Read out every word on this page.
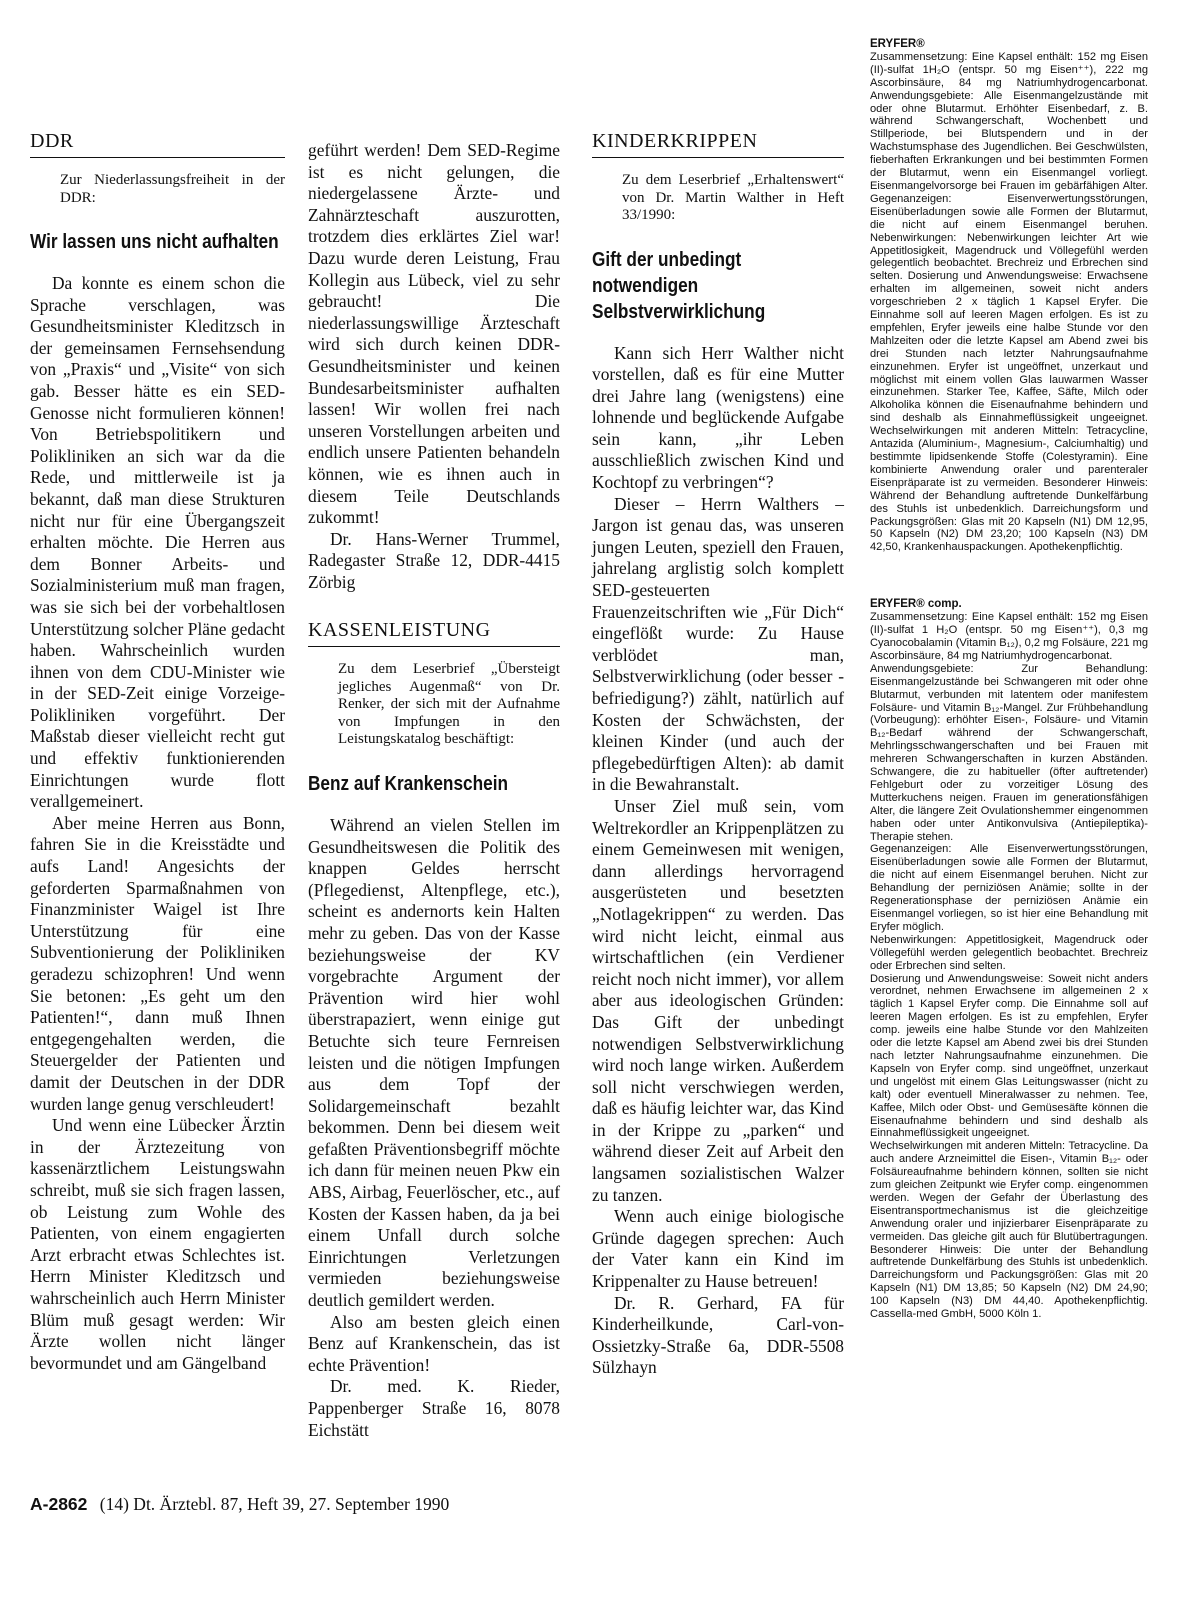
DDR
Zur Niederlassungsfreiheit in der DDR:
Wir lassen uns nicht aufhalten

Da konnte es einem schon die Sprache verschlagen, was Gesundheitsminister Kleditzsch in der gemeinsamen Fernsehsendung von „Praxis“ und „Visite“ von sich gab. Besser hätte es ein SED-Genosse nicht formulieren können! Von Betriebspolitikern und Polikliniken an sich war da die Rede, und mittlerweile ist ja bekannt, daß man diese Strukturen nicht nur für eine Übergangszeit erhalten möchte. Die Herren aus dem Bonner Arbeits- und Sozialministerium muß man fragen, was sie sich bei der vorbehaltlosen Unterstützung solcher Pläne gedacht haben. Wahrscheinlich wurden ihnen von dem CDU-Minister wie in der SED-Zeit einige Vorzeige-Polikliniken vorgeführt. Der Maßstab dieser vielleicht recht gut und effektiv funktionierenden Einrichtungen wurde flott verallgemeinert.

Aber meine Herren aus Bonn, fahren Sie in die Kreisstädte und aufs Land! Angesichts der geforderten Sparmaßnahmen von Finanzminister Waigel ist Ihre Unterstützung für eine Subventionierung der Polikliniken geradezu schizophren! Und wenn Sie betonen: „Es geht um den Patienten!“, dann muß Ihnen entgegengehalten werden, die Steuergelder der Patienten und damit der Deutschen in der DDR wurden lange genug verschleudert!

Und wenn eine Lübecker Ärztin in der Ärztezeitung von kassenärztlichem Leistungswahn schreibt, muß sie sich fragen lassen, ob Leistung zum Wohle des Patienten, von einem engagierten Arzt erbracht etwas Schlechtes ist. Herrn Minister Kleditzsch und wahrscheinlich auch Herrn Minister Blüm muß gesagt werden: Wir Ärzte wollen nicht länger bevormundet und am Gängelband

geführt werden! Dem SED-Regime ist es nicht gelungen, die niedergelassene Ärzte- und Zahnärzteschaft auszurotten, trotzdem dies erklärtes Ziel war! Dazu wurde deren Leistung, Frau Kollegin aus Lübeck, viel zu sehr gebraucht! Die niederlassungswillige Ärzteschaft wird sich durch keinen DDR-Gesundheitsminister und keinen Bundesarbeitsminister aufhalten lassen! Wir wollen frei nach unseren Vorstellungen arbeiten und endlich unsere Patienten behandeln können, wie es ihnen auch in diesem Teile Deutschlands zukommt!

Dr. Hans-Werner Trummel, Radegaster Straße 12, DDR-4415 Zörbig

KASSENLEISTUNG
Zu dem Leserbrief „Übersteigt jegliches Augenmaß“ von Dr. Renker, der sich mit der Aufnahme von Impfungen in den Leistungskatalog beschäftigt:
Benz auf Krankenschein

Während an vielen Stellen im Gesundheitswesen die Politik des knappen Geldes herrscht (Pflegedienst, Altenpflege, etc.), scheint es andernorts kein Halten mehr zu geben. Das von der Kasse beziehungsweise der KV vorgebrachte Argument der Prävention wird hier wohl überstrapaziert, wenn einige gut Betuchte sich teure Fernreisen leisten und die nötigen Impfungen aus dem Topf der Solidargemeinschaft bezahlt bekommen. Denn bei diesem weit gefaßten Präventionsbegriff möchte ich dann für meinen neuen Pkw ein ABS, Airbag, Feuerlöscher, etc., auf Kosten der Kassen haben, da ja bei einem Unfall durch solche Einrichtungen Verletzungen vermieden beziehungsweise deutlich gemildert werden.

Also am besten gleich einen Benz auf Krankenschein, das ist echte Prävention!

Dr. med. K. Rieder, Pappenberger Straße 16, 8078 Eichstätt

KINDERKRIPPEN
Zu dem Leserbrief „Erhaltenswert“ von Dr. Martin Walther in Heft 33/1990:
Gift der unbedingt notwendigen Selbstverwirklichung

Kann sich Herr Walther nicht vorstellen, daß es für eine Mutter drei Jahre lang (wenigstens) eine lohnende und beglückende Aufgabe sein kann, „ihr Leben ausschließlich zwischen Kind und Kochtopf zu verbringen“?

Dieser – Herrn Walthers – Jargon ist genau das, was unseren jungen Leuten, speziell den Frauen, jahrelang arglistig solch komplett SED-gesteuerten Frauenzeitschriften wie „Für Dich“ eingeflößt wurde: Zu Hause verblödet man, Selbstverwirklichung (oder besser -befriedigung?) zählt, natürlich auf Kosten der Schwächsten, der kleinen Kinder (und auch der pflegebedürftigen Alten): ab damit in die Bewahranstalt.

Unser Ziel muß sein, vom Weltrekordler an Krippenplätzen zu einem Gemeinwesen mit wenigen, dann allerdings hervorragend ausgerüsteten und besetzten „Notlagekrippen“ zu werden. Das wird nicht leicht, einmal aus wirtschaftlichen (ein Verdiener reicht noch nicht immer), vor allem aber aus ideologischen Gründen: Das Gift der unbedingt notwendigen Selbstverwirklichung wird noch lange wirken. Außerdem soll nicht verschwiegen werden, daß es häufig leichter war, das Kind in der Krippe zu „parken“ und während dieser Zeit auf Arbeit den langsamen sozialistischen Walzer zu tanzen.

Wenn auch einige biologische Gründe dagegen sprechen: Auch der Vater kann ein Kind im Krippenalter zu Hause betreuen!

Dr. R. Gerhard, FA für Kinderheilkunde, Carl-von-Ossietzky-Straße 6a, DDR-5508 Sülzhayn

ERYFER®

Zusammensetzung: Eine Kapsel enthält: 152 mg Eisen (II)-sulfat 1H₂O (entspr. 50 mg Eisen⁺⁺), 222 mg Ascorbinsäure, 84 mg Natriumhydrogencarbonat. Anwendungsgebiete: Alle Eisenmangelzustände mit oder ohne Blutarmut. Erhöhter Eisenbedarf, z. B. während Schwangerschaft, Wochenbett und Stillperiode, bei Blutspendern und in der Wachstumsphase des Jugendlichen. Bei Geschwülsten, fieberhaften Erkrankungen und bei bestimmten Formen der Blutarmut, wenn ein Eisenmangel vorliegt. Eisenmangelvorsorge bei Frauen im gebärfähigen Alter. Gegenanzeigen: Eisenverwertungsstörungen, Eisenüberladungen sowie alle Formen der Blutarmut, die nicht auf einem Eisenmangel beruhen. Nebenwirkungen: Nebenwirkungen leichter Art wie Appetitlosigkeit, Magendruck und Völlegefühl werden gelegentlich beobachtet. Brechreiz und Erbrechen sind selten. Dosierung und Anwendungsweise: Erwachsene erhalten im allgemeinen, soweit nicht anders vorgeschrieben 2 x täglich 1 Kapsel Eryfer. Die Einnahme soll auf leeren Magen erfolgen. Es ist zu empfehlen, Eryfer jeweils eine halbe Stunde vor den Mahlzeiten oder die letzte Kapsel am Abend zwei bis drei Stunden nach letzter Nahrungsaufnahme einzunehmen. Eryfer ist ungeöffnet, unzerkaut und möglichst mit einem vollen Glas lauwarmen Wasser einzunehmen. Starker Tee, Kaffee, Säfte, Milch oder Alkoholika können die Eisenaufnahme behindern und sind deshalb als Einnahmeflüssigkeit ungeeignet. Wechselwirkungen mit anderen Mitteln: Tetracycline, Antazida (Aluminium-, Magnesium-, Calciumhaltig) und bestimmte lipidsenkende Stoffe (Colestyramin). Eine kombinierte Anwendung oraler und parenteraler Eisenpräparate ist zu vermeiden. Besonderer Hinweis: Während der Behandlung auftretende Dunkelfärbung des Stuhls ist unbedenklich. Darreichungsform und Packungsgrößen: Glas mit 20 Kapseln (N1) DM 12,95, 50 Kapseln (N2) DM 23,20; 100 Kapseln (N3) DM 42,50, Krankenhauspackungen. Apothekenpflichtig.

ERYFER® comp.

Zusammensetzung: Eine Kapsel enthält: 152 mg Eisen (II)-sulfat 1 H₂O (entspr. 50 mg Eisen⁺⁺), 0,3 mg Cyanocobalamin (Vitamin B₁₂), 0,2 mg Folsäure, 221 mg Ascorbinsäure, 84 mg Natriumhydrogencarbonat.

Anwendungsgebiete: Zur Behandlung: Eisenmangelzustände bei Schwangeren mit oder ohne Blutarmut, verbunden mit latentem oder manifestem Folsäure- und Vitamin B₁₂-Mangel. Zur Frühbehandlung (Vorbeugung): erhöhter Eisen-, Folsäure- und Vitamin B₁₂-Bedarf während der Schwangerschaft, Mehrlingsschwangerschaften und bei Frauen mit mehreren Schwangerschaften in kurzen Abständen. Schwangere, die zu habitueller (öfter auftretender) Fehlgeburt oder zu vorzeitiger Lösung des Mutterkuchens neigen. Frauen im generationsfähigen Alter, die längere Zeit Ovulationshemmer eingenommen haben oder unter Antikonvulsiva (Antiepileptika)-Therapie stehen.

Gegenanzeigen: Alle Eisenverwertungsstörungen, Eisenüberladungen sowie alle Formen der Blutarmut, die nicht auf einem Eisenmangel beruhen. Nicht zur Behandlung der perniziösen Anämie; sollte in der Regenerationsphase der perniziösen Anämie ein Eisenmangel vorliegen, so ist hier eine Behandlung mit Eryfer möglich.

Nebenwirkungen: Appetitlosigkeit, Magendruck oder Völlegefühl werden gelegentlich beobachtet. Brechreiz oder Erbrechen sind selten.

Dosierung und Anwendungsweise: Soweit nicht anders verordnet, nehmen Erwachsene im allgemeinen 2 x täglich 1 Kapsel Eryfer comp. Die Einnahme soll auf leeren Magen erfolgen. Es ist zu empfehlen, Eryfer comp. jeweils eine halbe Stunde vor den Mahlzeiten oder die letzte Kapsel am Abend zwei bis drei Stunden nach letzter Nahrungsaufnahme einzunehmen. Die Kapseln von Eryfer comp. sind ungeöffnet, unzerkaut und ungelöst mit einem Glas Leitungswasser (nicht zu kalt) oder eventuell Mineralwasser zu nehmen. Tee, Kaffee, Milch oder Obst- und Gemüsesäfte können die Eisenaufnahme behindern und sind deshalb als Einnahmeflüssigkeit ungeeignet.

Wechselwirkungen mit anderen Mitteln: Tetracycline. Da auch andere Arzneimittel die Eisen-, Vitamin B₁₂- oder Folsäureaufnahme behindern können, sollten sie nicht zum gleichen Zeitpunkt wie Eryfer comp. eingenommen werden. Wegen der Gefahr der Überlastung des Eisentransportmechanismus ist die gleichzeitige Anwendung oraler und injizierbarer Eisenpräparate zu vermeiden. Das gleiche gilt auch für Blutübertragungen. Besonderer Hinweis: Die unter der Behandlung auftretende Dunkelfärbung des Stuhls ist unbedenklich. Darreichungsform und Packungsgrößen: Glas mit 20 Kapseln (N1) DM 13,85; 50 Kapseln (N2) DM 24,90; 100 Kapseln (N3) DM 44,40. Apothekenpflichtig. Cassella-med GmbH, 5000 Köln 1.

A-2862 (14) Dt. Ärztebl. 87, Heft 39, 27. September 1990
